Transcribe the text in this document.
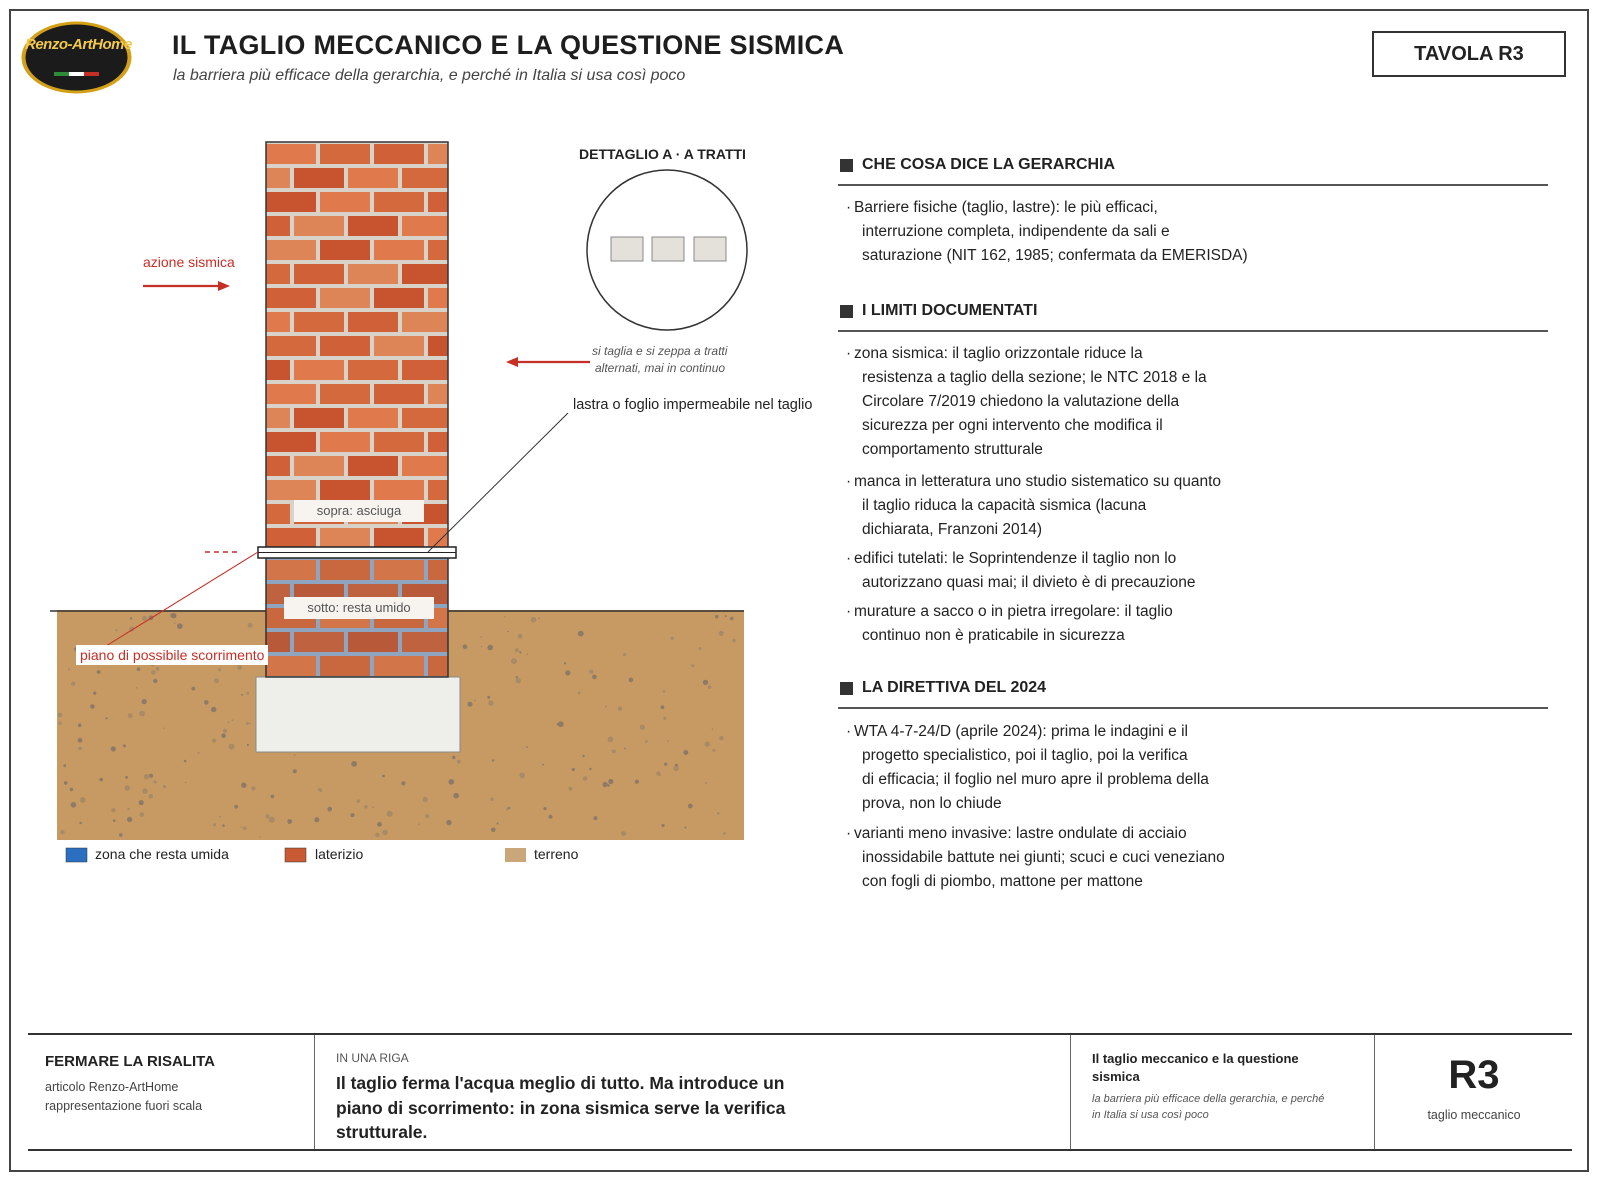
Renzo-ArtHome IL TAGLIO MECCANICO E LA QUESTIONE SISMICA
la barriera più efficace della gerarchia, e perché in Italia si usa così poco
TAVOLA R3
azione sismica
DETTAGLIO A · A TRATTI
si taglia e si zeppa a tratti
alternati, mai in continuo
lastra o foglio impermeabile nel taglio
sopra: asciuga
sotto: resta umido
piano di possibile scorrimento
zona che resta umida	laterizio	terreno
CHE COSA DICE LA GERARCHIA
· Barriere fisiche (taglio, lastre): le più efficaci,
interruzione completa, indipendente da sali e
saturazione (NIT 162, 1985; confermata da EMERISDA)
I LIMITI DOCUMENTATI
· zona sismica: il taglio orizzontale riduce la
resistenza a taglio della sezione; le NTC 2018 e la
Circolare 7/2019 chiedono la valutazione della
sicurezza per ogni intervento che modifica il
comportamento strutturale
· manca in letteratura uno studio sistematico su quanto
il taglio riduca la capacità sismica (lacuna
dichiarata, Franzoni 2014)
· edifici tutelati: le Soprintendenze il taglio non lo
autorizzano quasi mai; il divieto è di precauzione
· murature a sacco o in pietra irregolare: il taglio
continuo non è praticabile in sicurezza
LA DIRETTIVA DEL 2024
· WTA 4-7-24/D (aprile 2024): prima le indagini e il
progetto specialistico, poi il taglio, poi la verifica
di efficacia; il foglio nel muro apre il problema della
prova, non lo chiude
· varianti meno invasive: lastre ondulate di acciaio
inossidabile battute nei giunti; scuci e cuci veneziano
con fogli di piombo, mattone per mattone
FERMARE LA RISALITA
articolo Renzo-ArtHome
rappresentazione fuori scala
IN UNA RIGA
Il taglio ferma l'acqua meglio di tutto. Ma introduce un piano di scorrimento: in zona sismica serve la verifica strutturale.
Il taglio meccanico e la questione sismica
la barriera più efficace della gerarchia, e perché in Italia si usa così poco
R3
taglio meccanico
